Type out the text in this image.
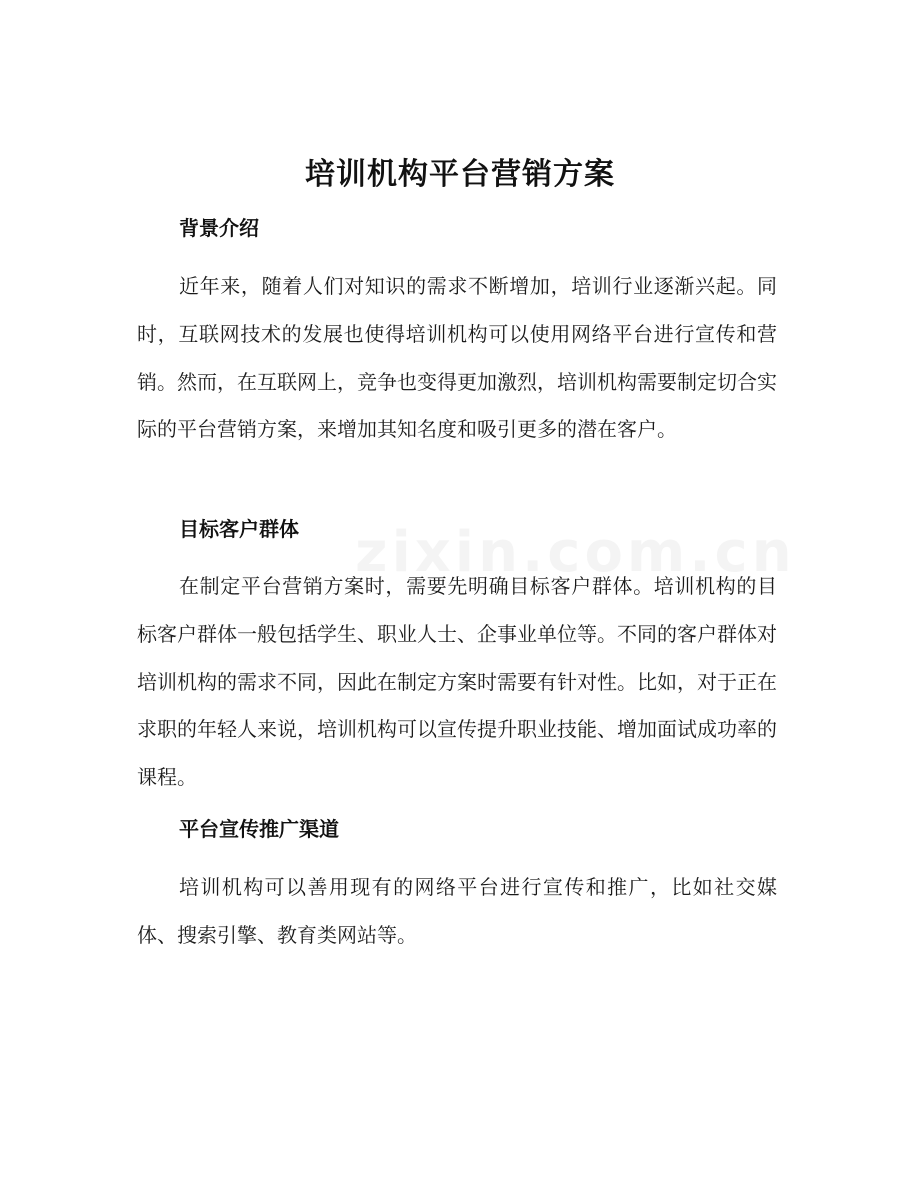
培训机构平台营销方案
背景介绍

近年来，随着人们对知识的需求不断增加，培训行业逐渐兴起。同时，互联网技术的发展也使得培训机构可以使用网络平台进行宣传和营销。然而，在互联网上，竞争也变得更加激烈，培训机构需要制定切合实际的平台营销方案，来增加其知名度和吸引更多的潜在客户。

目标客户群体

在制定平台营销方案时，需要先明确目标客户群体。培训机构的目标客户群体一般包括学生、职业人士、企事业单位等。不同的客户群体对培训机构的需求不同，因此在制定方案时需要有针对性。比如，对于正在求职的年轻人来说，培训机构可以宣传提升职业技能、增加面试成功率的课程。

平台宣传推广渠道

培训机构可以善用现有的网络平台进行宣传和推广，比如社交媒体、搜索引擎、教育类网站等。
